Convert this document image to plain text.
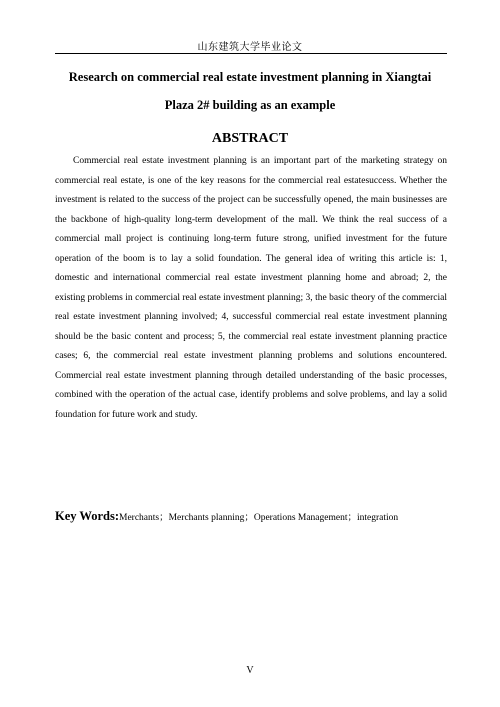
山东建筑大学毕业论文
Research on commercial real estate investment planning in Xiangtai
Plaza 2# building as an example
ABSTRACT
Commercial real estate investment planning is an important part of the marketing strategy on commercial real estate, is one of the key reasons for the commercial real estatesuccess. Whether the investment is related to the success of the project can be successfully opened, the main businesses are the backbone of high-quality long-term development of the mall. We think the real success of a commercial mall project is continuing long-term future strong, unified investment for the future operation of the boom is to lay a solid foundation. The general idea of writing this article is: 1, domestic and international commercial real estate investment planning home and abroad; 2, the existing problems in commercial real estate investment planning; 3, the basic theory of the commercial real estate investment planning involved; 4, successful commercial real estate investment planning should be the basic content and process; 5, the commercial real estate investment planning practice cases; 6, the commercial real estate investment planning problems and solutions encountered. Commercial real estate investment planning through detailed understanding of the basic processes, combined with the operation of the actual case, identify problems and solve problems, and lay a solid foundation for future work and study.
Key Words:Merchants；Merchants planning；Operations Management；integration
V
